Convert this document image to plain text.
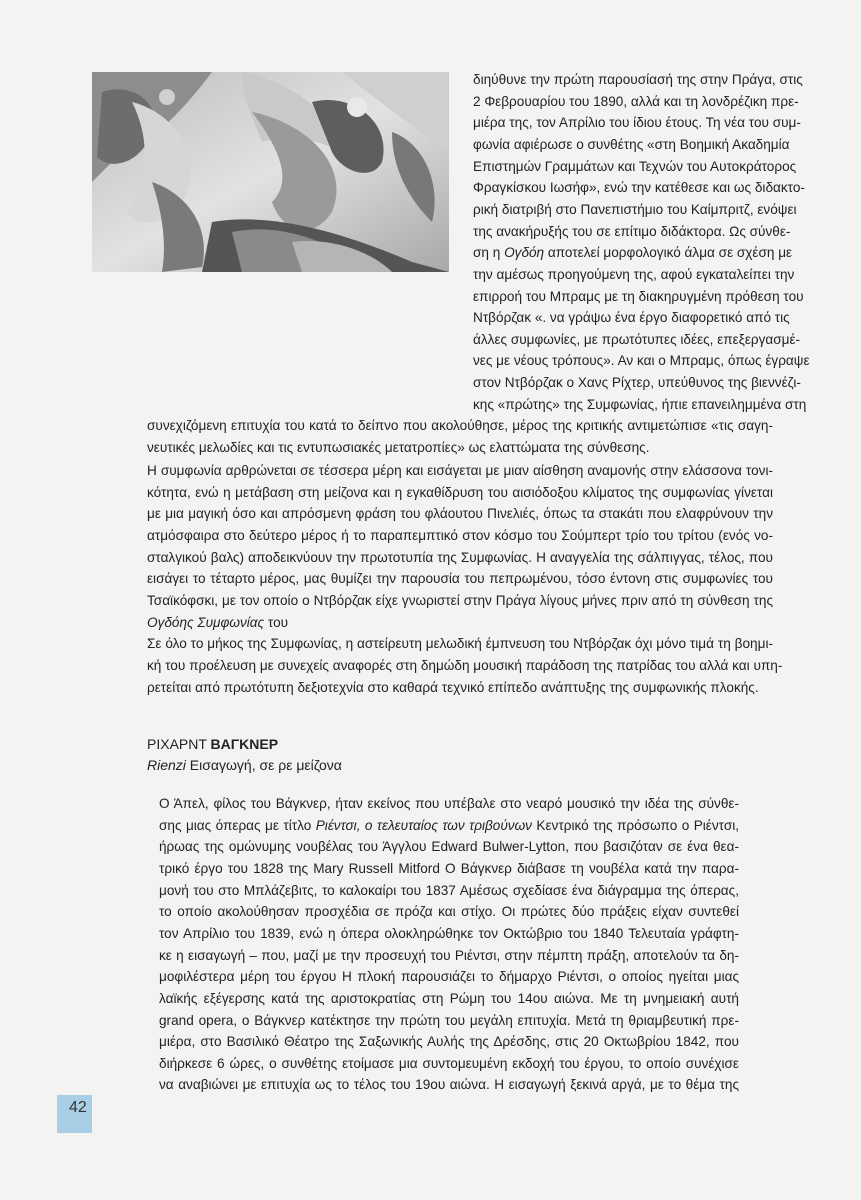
διηύθυνε την πρώτη παρουσίασή της στην Πράγα, στις
2 Φεβρουαρίου του 1890, αλλά και τη λονδρέζικη πρε-
μιέρα της, τον Απρίλιο του ίδιου έτους. Τη νέα του συμ-
φωνία αφιέρωσε ο συνθέτης «στη Βοημική Ακαδημία
Επιστημών Γραμμάτων και Τεχνών του Αυτοκράτορος
Φραγκίσκου Ιωσήφ», ενώ την κατέθεσε και ως διδακτο-
ρική διατριβή στο Πανεπιστήμιο του Καίμπριτζ, ενόψει
της ανακήρυξής του σε επίτιμο διδάκτορα. Ως σύνθε-
ση η Ογδόη αποτελεί μορφολογικό άλμα σε σχέση με
την αμέσως προηγούμενη της, αφού εγκαταλείπει την
επιρροή του Μπραμς με τη διακηρυγμένη πρόθεση του
Ντβόρζακ «. να γράψω ένα έργο διαφορετικό από τις
άλλες συμφωνίες, με πρωτότυπες ιδέες, επεξεργασμέ-
νες με νέους τρόπους». Αν και ο Μπραμς, όπως έγραψε
στον Ντβόρζακ ο Χανς Ρίχτερ, υπεύθυνος της βιεννέζι-
κης «πρώτης» της Συμφωνίας, ήπιε επανειλημμένα στη
συνεχιζόμενη επιτυχία του κατά το δείπνο που ακολούθησε, μέρος της κριτικής αντιμετώπισε «τις σαγη-
νευτικές μελωδίες και τις εντυπωσιακές μετατροπίες» ως ελαττώματα της σύνθεσης.
Η συμφωνία αρθρώνεται σε τέσσερα μέρη και εισάγεται με μιαν αίσθηση αναμονής στην ελάσσονα τονι-
κότητα, ενώ η μετάβαση στη μείζονα και η εγκαθίδρυση του αισιόδοξου κλίματος της συμφωνίας γίνεται
με μια μαγική όσο και απρόσμενη φράση του φλάουτου Πινελιές, όπως τα στακάτι που ελαφρύνουν την
ατμόσφαιρα στο δεύτερο μέρος ή το παραπεμπτικό στον κόσμο του Σούμπερτ τρίο του τρίτου (ενός νο-
σταλγικού βαλς) αποδεικνύουν την πρωτοτυπία της Συμφωνίας. Η αναγγελία της σάλπιγγας, τέλος, που
εισάγει το τέταρτο μέρος, μας θυμίζει την παρουσία του πεπρωμένου, τόσο έντονη στις συμφωνίες του
Τσαϊκόφσκι, με τον οποίο ο Ντβόρζακ είχε γνωριστεί στην Πράγα λίγους μήνες πριν από τη σύνθεση της
Ογδόης Συμφωνίας του
Σε όλο το μήκος της Συμφωνίας, η αστείρευτη μελωδική έμπνευση του Ντβόρζακ όχι μόνο τιμά τη βοημι-
κή του προέλευση με συνεχείς αναφορές στη δημώδη μουσική παράδοση της πατρίδας του αλλά και υπη-
ρετείται από πρωτότυπη δεξιοτεχνία στο καθαρά τεχνικό επίπεδο ανάπτυξης της συμφωνικής πλοκής.
ΡΙΧΑΡΝΤ ΒΑΓΚΝΕΡ
Rienzi Εισαγωγή, σε ρε μείζονα
Ο Άπελ, φίλος του Βάγκνερ, ήταν εκείνος που υπέβαλε στο νεαρό μουσικό την ιδέα της σύνθε-
σης μιας όπερας με τίτλο Ριέντσι, ο τελευταίος των τριβούνων Κεντρικό της πρόσωπο ο Ριέντσι,
ήρωας της ομώνυμης νουβέλας του Άγγλου Edward Bulwer-Lytton, που βασιζόταν σε ένα θεα-
τρικό έργο του 1828 της Mary Russell Mitford Ο Βάγκνερ διάβασε τη νουβέλα κατά την παρα-
μονή του στο Μπλάζεβιτς, το καλοκαίρι του 1837 Αμέσως σχεδίασε ένα διάγραμμα της όπερας,
το οποίο ακολούθησαν προσχέδια σε πρόζα και στίχο. Οι πρώτες δύο πράξεις είχαν συντεθεί
τον Απρίλιο του 1839, ενώ η όπερα ολοκληρώθηκε τον Οκτώβριο του 1840 Τελευταία γράφτη-
κε η εισαγωγή – που, μαζί με την προσευχή του Ριέντσι, στην πέμπτη πράξη, αποτελούν τα δη-
μοφιλέστερα μέρη του έργου Η πλοκή παρουσιάζει το δήμαρχο Ριέντσι, ο οποίος ηγείται μιας
λαϊκής εξέγερσης κατά της αριστοκρατίας στη Ρώμη του 14ου αιώνα. Με τη μνημειακή αυτή
grand opera, ο Βάγκνερ κατέκτησε την πρώτη του μεγάλη επιτυχία. Μετά τη θριαμβευτική πρε-
μιέρα, στο Βασιλικό Θέατρο της Σαξωνικής Αυλής της Δρέσδης, στις 20 Οκτωβρίου 1842, που
διήρκεσε 6 ώρες, ο συνθέτης ετοίμασε μια συντομευμένη εκδοχή του έργου, το οποίο συνέχισε
να αναβιώνει με επιτυχία ως το τέλος του 19ου αιώνα. Η εισαγωγή ξεκινά αργά, με το θέμα της
42
